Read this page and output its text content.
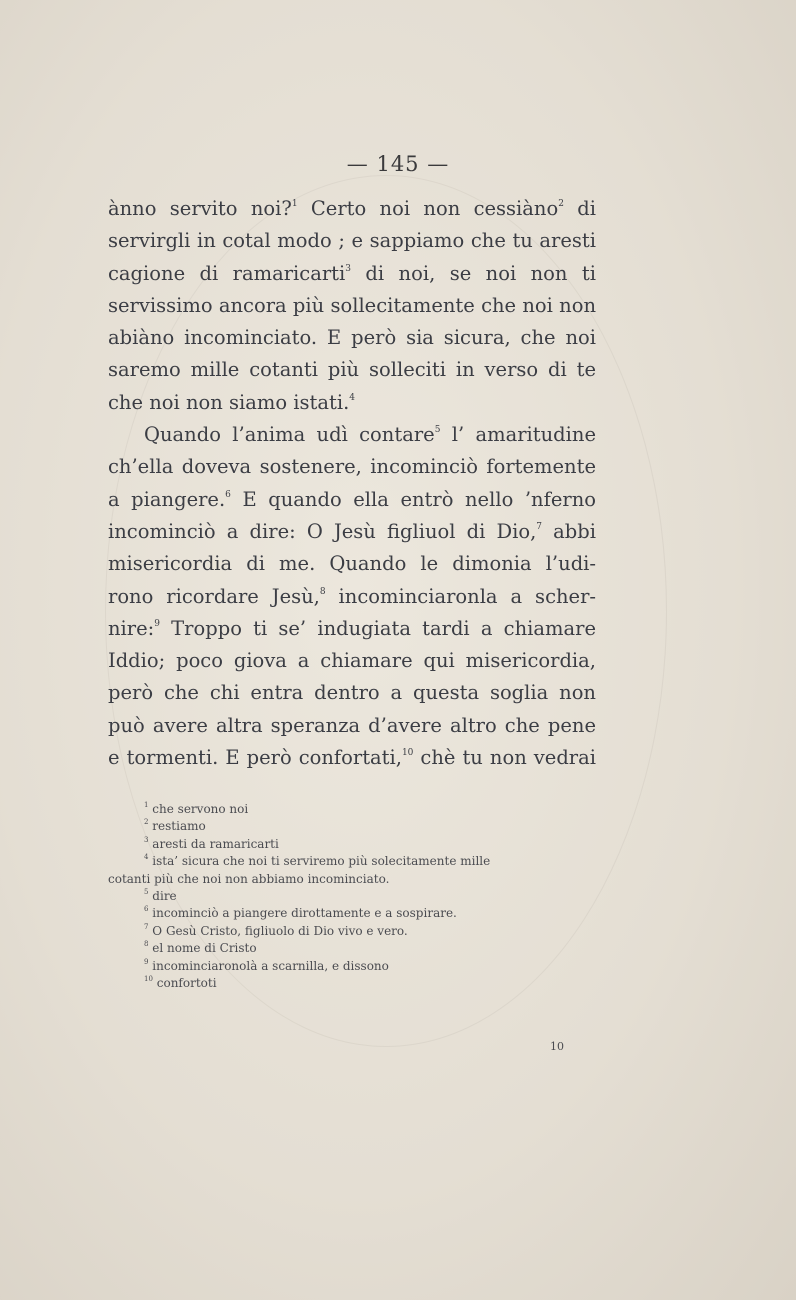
— 145 —
ànno servito noi?$^1$ Certo noi non cessiàno$^2$ di
servirgli in cotal modo ; e sappiamo che tu aresti
cagione di ramaricarti$^3$ di noi, se noi non ti
servissimo ancora più sollecitamente che noi non
abiàno incominciato. E però sia sicura, che noi
saremo mille cotanti più solleciti in verso di te
che noi non siamo istati.$^4$
Quando l’anima udì contare$^5$ l’ amaritudine
ch’ella doveva sostenere, incominciò fortemente
a piangere.$^6$ E quando ella entrò nello ’nferno
incominciò a dire: O Jesù figliuol di Dio,$^7$ abbi
misericordia di me. Quando le dimonia l’udi-
rono ricordare Jesù,$^8$ incominciaronla a scher-
nire:$^9$ Troppo ti se’ indugiata tardi a chiamare
Iddio; poco giova a chiamare qui misericordia,
però che chi entra dentro a questa soglia non
può avere altra speranza d’avere altro che pene
e tormenti. E però confortati,$^{10}$ chè tu non vedrai
$^1$ che servono noi
$^2$ restiamo
$^3$ aresti da ramaricarti
$^4$ ista’ sicura che noi ti serviremo più solecitamente mille
cotanti più che noi non abbiamo incominciato.
$^5$ dire
$^6$ incominciò a piangere dirottamente e a sospirare.
$^7$ O Gesù Cristo, figliuolo di Dio vivo e vero.
$^8$ el nome di Cristo
$^9$ incominciaronolà a scarnilla, e dissono
$^{10}$ confortoti
10
